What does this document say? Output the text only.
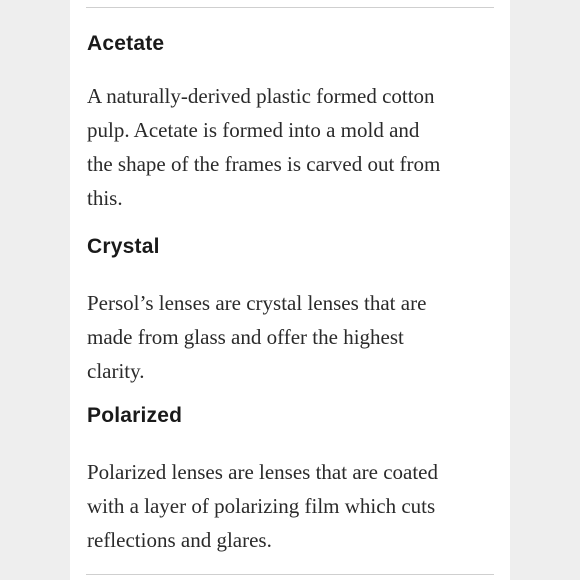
Acetate

A naturally-derived plastic formed cotton
pulp. Acetate is formed into a mold and
the shape of the frames is carved out from
this.

Crystal

Persol’s lenses are crystal lenses that are
made from glass and offer the highest
clarity.

Polarized

Polarized lenses are lenses that are coated
with a layer of polarizing film which cuts
reflections and glares.
